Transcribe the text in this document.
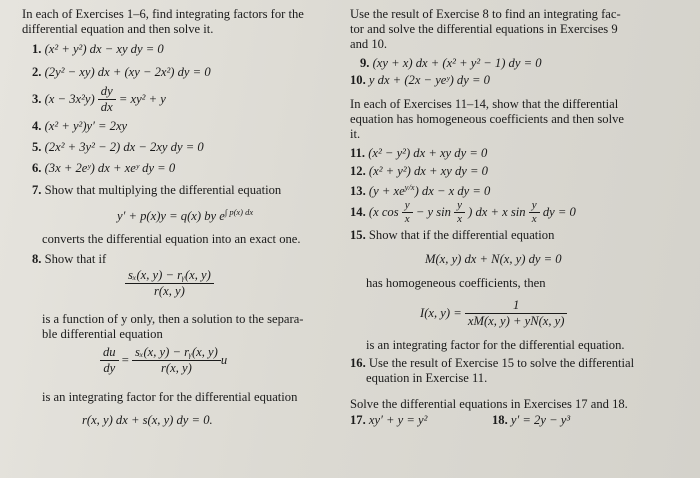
In each of Exercises 1–6, find integrating factors for the
differential equation and then solve it.
1. (x² + y²) dx − xy dy = 0
2. (2y² − xy) dx + (xy − 2x²) dy = 0
3. $(x - 3x^2y) \frac{dy}{dx} = xy^2 + y$
4. (x² + y²)y′ = 2xy
5. (2x² + 3y² − 2) dx − 2xy dy = 0
6. (3x + 2eʸ) dx + xeʸ dy = 0
7. Show that multiplying the differential equation
y′ + p(x)y = q(x) by $e^{\int p(x) dx}$
converts the differential equation into an exact one.
8. Show that if
$\frac{\text{sₓ(x, y) − rᵧ(x, y)}}{r(x, y)}$
is a function of y only, then a solution to the separa-
ble differential equation
$\frac{du}{dy} = \frac{\text{sₓ(x, y) − rᵧ(x, y)}}{r(x, y)}$ u
is an integrating factor for the differential equation
r(x, y) dx + s(x, y) dy = 0.
Use the result of Exercise 8 to find an integrating fac-
tor and solve the differential equations in Exercises 9
and 10.
9. (xy + x) dx + (x² + y² − 1) dy = 0
10. y dx + (2x − yeʸ) dy = 0
In each of Exercises 11–14, show that the differential
equation has homogeneous coefficients and then solve
it.
11. (x² − y²) dx + xy dy = 0
12. (x² + y²) dx + xy dy = 0
13. $(y + xe^{y/x})$ dx − x dy = 0
14. (x $\cos \frac{y}{x} - y$ $\sin \frac{y}{x}$ ) dx + x $\sin \frac{y}{x}$ dy = 0
15. Show that if the differential equation
M(x, y) dx + N(x, y) dy = 0
has homogeneous coefficients, then
I(x, $y) = \frac{1}{xM(x, y) + yN(x, y)}$
is an integrating factor for the differential equation.
16. Use the result of Exercise 15 to solve the differential
equation in Exercise 11.
Solve the differential equations in Exercises 17 and 18.
17. xy′ + y = y²	18. y′ = 2y − y³
